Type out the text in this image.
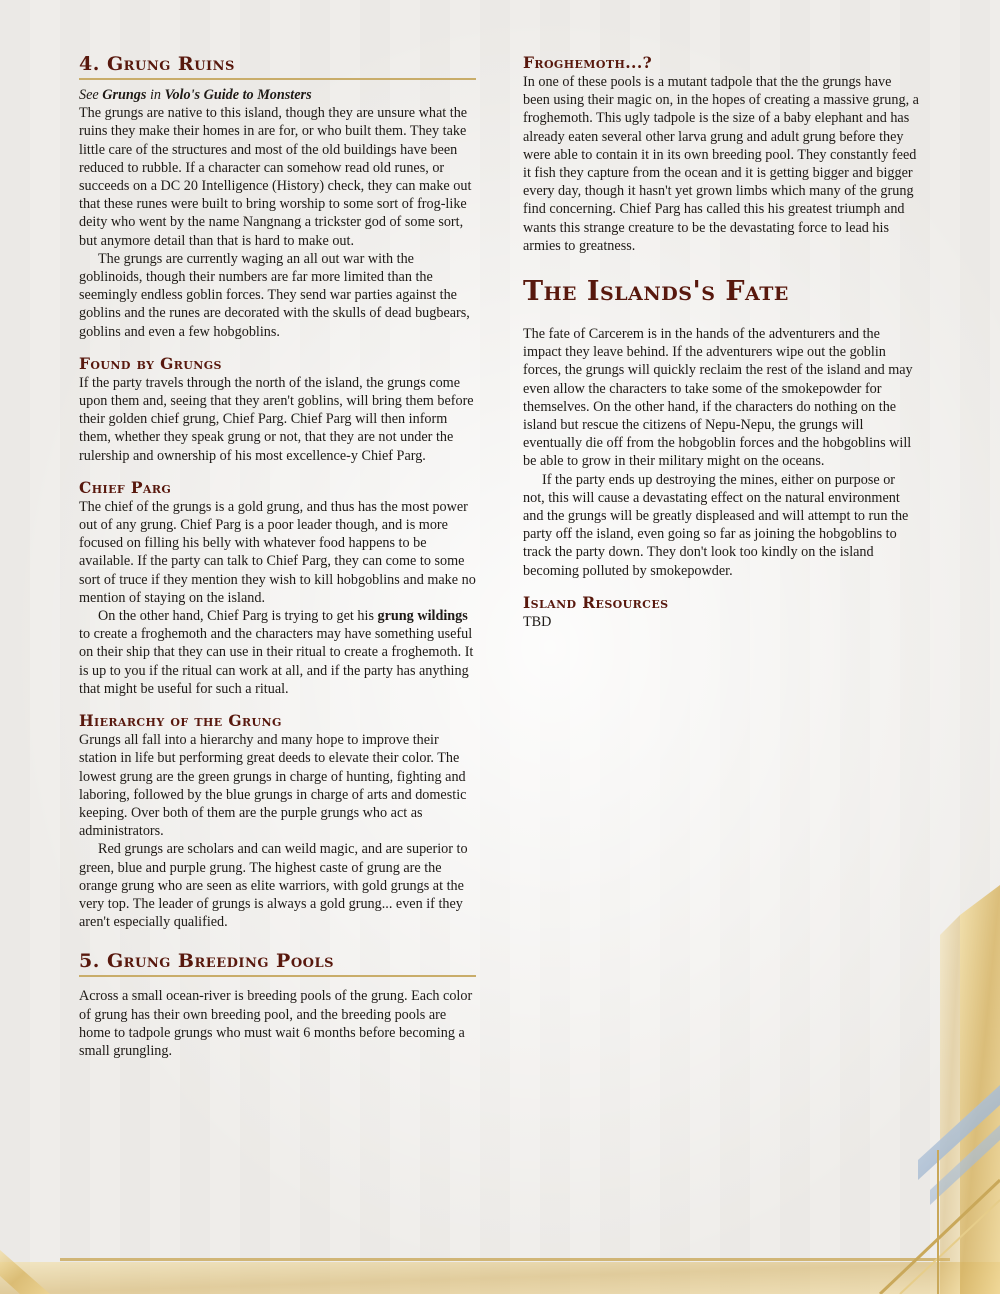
4. Grung Ruins

See Grungs in Volo's Guide to Monsters

The grungs are native to this island, though they are unsure what the ruins they make their homes in are for, or who built them. They take little care of the structures and most of the old buildings have been reduced to rubble. If a character can somehow read old runes, or succeeds on a DC 20 Intelligence (History) check, they can make out that these runes were built to bring worship to some sort of frog-like deity who went by the name Nangnang a trickster god of some sort, but anymore detail than that is hard to make out.

The grungs are currently waging an all out war with the goblinoids, though their numbers are far more limited than the seemingly endless goblin forces. They send war parties against the goblins and the runes are decorated with the skulls of dead bugbears, goblins and even a few hobgoblins.

Found by Grungs

If the party travels through the north of the island, the grungs come upon them and, seeing that they aren't goblins, will bring them before their golden chief grung, Chief Parg. Chief Parg will then inform them, whether they speak grung or not, that they are not under the rulership and ownership of his most excellence-y Chief Parg.

Chief Parg

The chief of the grungs is a gold grung, and thus has the most power out of any grung. Chief Parg is a poor leader though, and is more focused on filling his belly with whatever food happens to be available. If the party can talk to Chief Parg, they can come to some sort of truce if they mention they wish to kill hobgoblins and make no mention of staying on the island.

On the other hand, Chief Parg is trying to get his grung wildings to create a froghemoth and the characters may have something useful on their ship that they can use in their ritual to create a froghemoth. It is up to you if the ritual can work at all, and if the party has anything that might be useful for such a ritual.

Hierarchy of the Grung

Grungs all fall into a hierarchy and many hope to improve their station in life but performing great deeds to elevate their color. The lowest grung are the green grungs in charge of hunting, fighting and laboring, followed by the blue grungs in charge of arts and domestic keeping. Over both of them are the purple grungs who act as administrators.

Red grungs are scholars and can weild magic, and are superior to green, blue and purple grung. The highest caste of grung are the orange grung who are seen as elite warriors, with gold grungs at the very top. The leader of grungs is always a gold grung... even if they aren't especially qualified.

5. Grung Breeding Pools

Across a small ocean-river is breeding pools of the grung. Each color of grung has their own breeding pool, and the breeding pools are home to tadpole grungs who must wait 6 months before becoming a small grungling.

Froghemoth...?

In one of these pools is a mutant tadpole that the the grungs have been using their magic on, in the hopes of creating a massive grung, a froghemoth. This ugly tadpole is the size of a baby elephant and has already eaten several other larva grung and adult grung before they were able to contain it in its own breeding pool. They constantly feed it fish they capture from the ocean and it is getting bigger and bigger every day, though it hasn't yet grown limbs which many of the grung find concerning. Chief Parg has called this his greatest triumph and wants this strange creature to be the devastating force to lead his armies to greatness.

The Islands's Fate

The fate of Carcerem is in the hands of the adventurers and the impact they leave behind. If the adventurers wipe out the goblin forces, the grungs will quickly reclaim the rest of the island and may even allow the characters to take some of the smokepowder for themselves. On the other hand, if the characters do nothing on the island but rescue the citizens of Nepu-Nepu, the grungs will eventually die off from the hobgoblin forces and the hobgoblins will be able to grow in their military might on the oceans.

If the party ends up destroying the mines, either on purpose or not, this will cause a devastating effect on the natural environment and the grungs will be greatly displeased and will attempt to run the party off the island, even going so far as joining the hobgoblins to track the party down. They don't look too kindly on the island becoming polluted by smokepowder.

Island Resources

TBD
